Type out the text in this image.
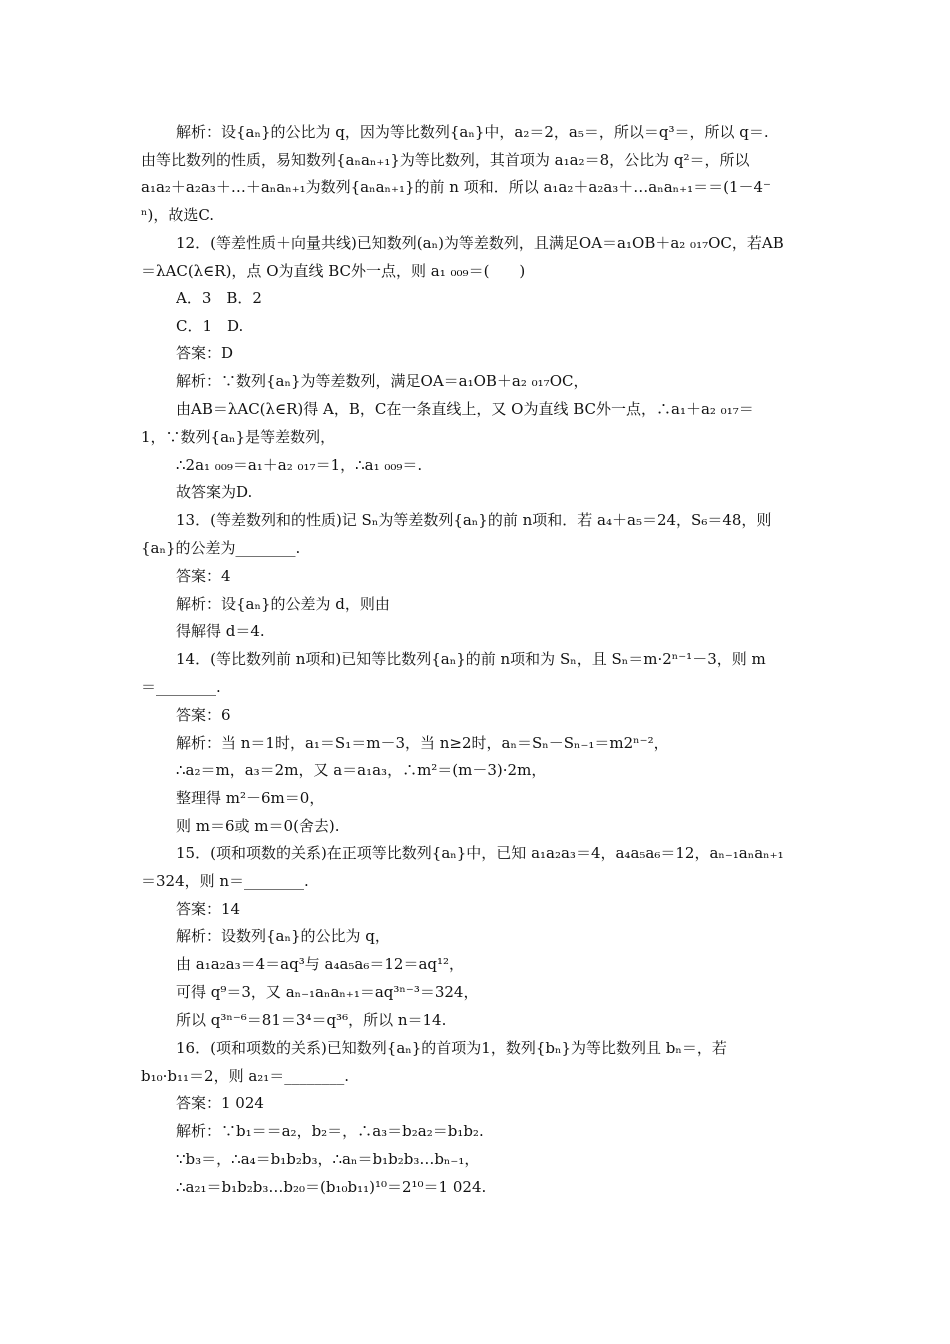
解析：设{aₙ}的公比为 q，因为等比数列{aₙ}中，a₂＝2，a₅＝，所以＝q³＝，所以 q＝.
由等比数列的性质，易知数列{aₙaₙ₊₁}为等比数列，其首项为 a₁a₂＝8，公比为 q²＝，所以
a₁a₂＋a₂a₃＋…＋aₙaₙ₊₁为数列{aₙaₙ₊₁}的前 n 项和．所以 a₁a₂＋a₂a₃＋…aₙaₙ₊₁＝＝(1－4⁻
ⁿ)，故选C.
12．(等差性质＋向量共线)已知数列(aₙ)为等差数列，且满足OA＝a₁OB＋a₂ ₀₁₇OC，若AB
＝λAC(λ∈R)，点 O为直线 BC外一点，则 a₁ ₀₀₉＝(　　)
A．3　B．2
C．1　D.
答案：D
解析：∵数列{aₙ}为等差数列，满足OA＝a₁OB＋a₂ ₀₁₇OC，
由AB＝λAC(λ∈R)得 A，B，C在一条直线上，又 O为直线 BC外一点，∴a₁＋a₂ ₀₁₇＝
1，∵数列{aₙ}是等差数列，
∴2a₁ ₀₀₉＝a₁＋a₂ ₀₁₇＝1，∴a₁ ₀₀₉＝.
故答案为D.
13．(等差数列和的性质)记 Sₙ为等差数列{aₙ}的前 n项和．若 a₄＋a₅＝24，S₆＝48，则
{aₙ}的公差为________.
答案：4
解析：设{aₙ}的公差为 d，则由
得解得 d＝4.
14．(等比数列前 n项和)已知等比数列{aₙ}的前 n项和为 Sₙ，且 Sₙ＝m·2ⁿ⁻¹－3，则 m
＝________.
答案：6
解析：当 n＝1时，a₁＝S₁＝m－3，当 n≥2时，aₙ＝Sₙ－Sₙ₋₁＝m2ⁿ⁻²，
∴a₂＝m，a₃＝2m，又 a＝a₁a₃，∴m²＝(m－3)·2m，
整理得 m²－6m＝0，
则 m＝6或 m＝0(舍去).
15．(项和项数的关系)在正项等比数列{aₙ}中，已知 a₁a₂a₃＝4，a₄a₅a₆＝12，aₙ₋₁aₙaₙ₊₁
＝324，则 n＝________.
答案：14
解析：设数列{aₙ}的公比为 q，
由 a₁a₂a₃＝4＝aq³与 a₄a₅a₆＝12＝aq¹²，
可得 q⁹＝3，又 aₙ₋₁aₙaₙ₊₁＝aq³ⁿ⁻³＝324，
所以 q³ⁿ⁻⁶＝81＝3⁴＝q³⁶，所以 n＝14.
16．(项和项数的关系)已知数列{aₙ}的首项为1，数列{bₙ}为等比数列且 bₙ＝，若
b₁₀·b₁₁＝2，则 a₂₁＝________.
答案：1 024
解析：∵b₁＝＝a₂，b₂＝，∴a₃＝b₂a₂＝b₁b₂.
∵b₃＝，∴a₄＝b₁b₂b₃，∴aₙ＝b₁b₂b₃…bₙ₋₁，
∴a₂₁＝b₁b₂b₃…b₂₀＝(b₁₀b₁₁)¹⁰＝2¹⁰＝1 024.
